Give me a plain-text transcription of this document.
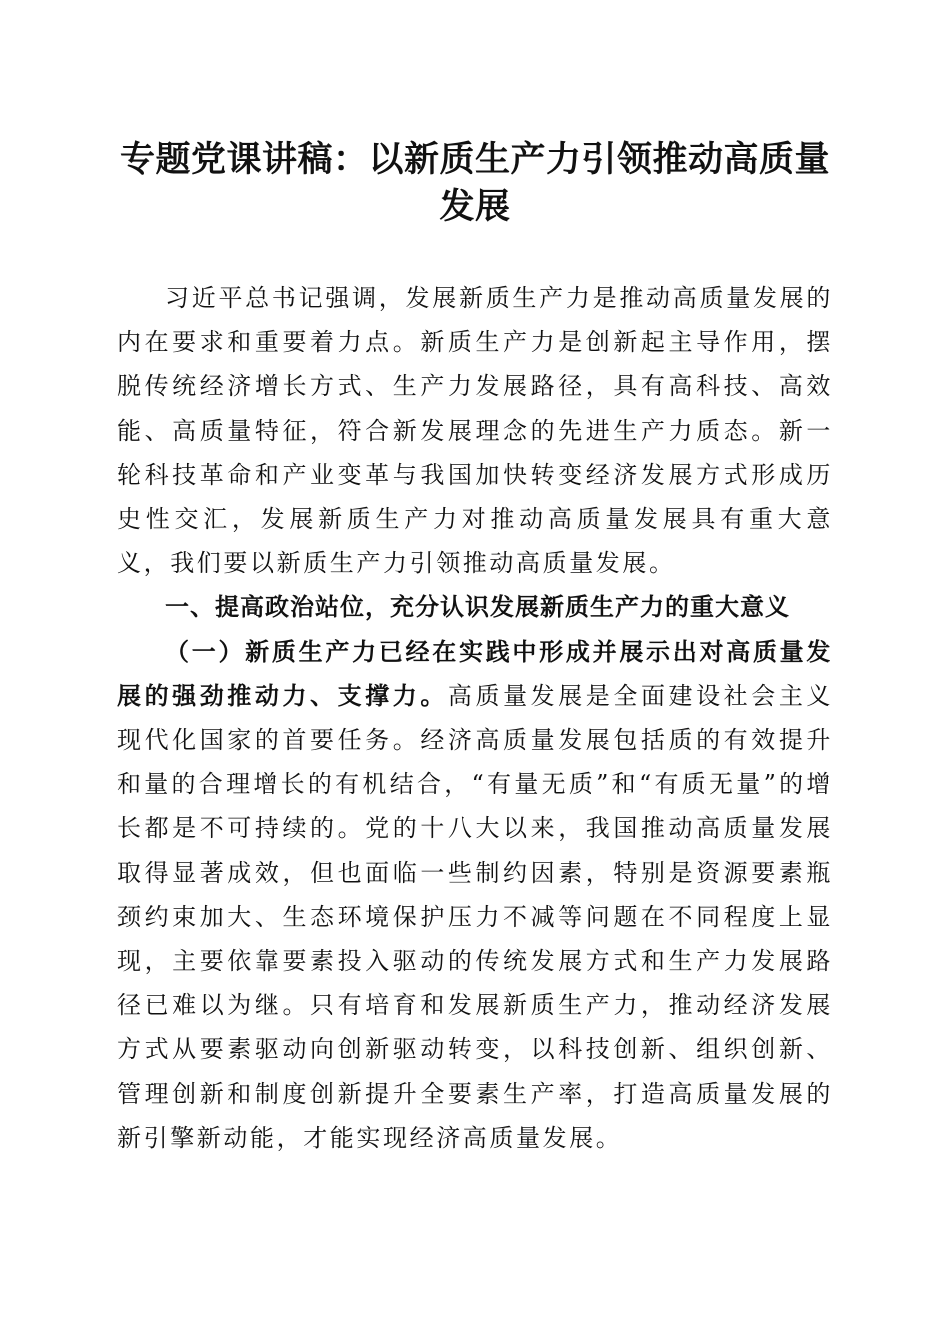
专题党课讲稿：以新质生产力引领推动高质量
发展

习近平总书记强调，发展新质生产力是推动高质量发展的内在要求和重要着力点。新质生产力是创新起主导作用，摆脱传统经济增长方式、生产力发展路径，具有高科技、高效能、高质量特征，符合新发展理念的先进生产力质态。新一轮科技革命和产业变革与我国加快转变经济发展方式形成历史性交汇，发展新质生产力对推动高质量发展具有重大意义，我们要以新质生产力引领推动高质量发展。

一、提高政治站位，充分认识发展新质生产力的重大意义

（一）新质生产力已经在实践中形成并展示出对高质量发展的强劲推动力、支撑力。高质量发展是全面建设社会主义现代化国家的首要任务。经济高质量发展包括质的有效提升和量的合理增长的有机结合，“有量无质”和“有质无量”的增长都是不可持续的。党的十八大以来，我国推动高质量发展取得显著成效，但也面临一些制约因素，特别是资源要素瓶颈约束加大、生态环境保护压力不减等问题在不同程度上显现，主要依靠要素投入驱动的传统发展方式和生产力发展路径已难以为继。只有培育和发展新质生产力，推动经济发展方式从要素驱动向创新驱动转变，以科技创新、组织创新、管理创新和制度创新提升全要素生产率，打造高质量发展的新引擎新动能，才能实现经济高质量发展。
